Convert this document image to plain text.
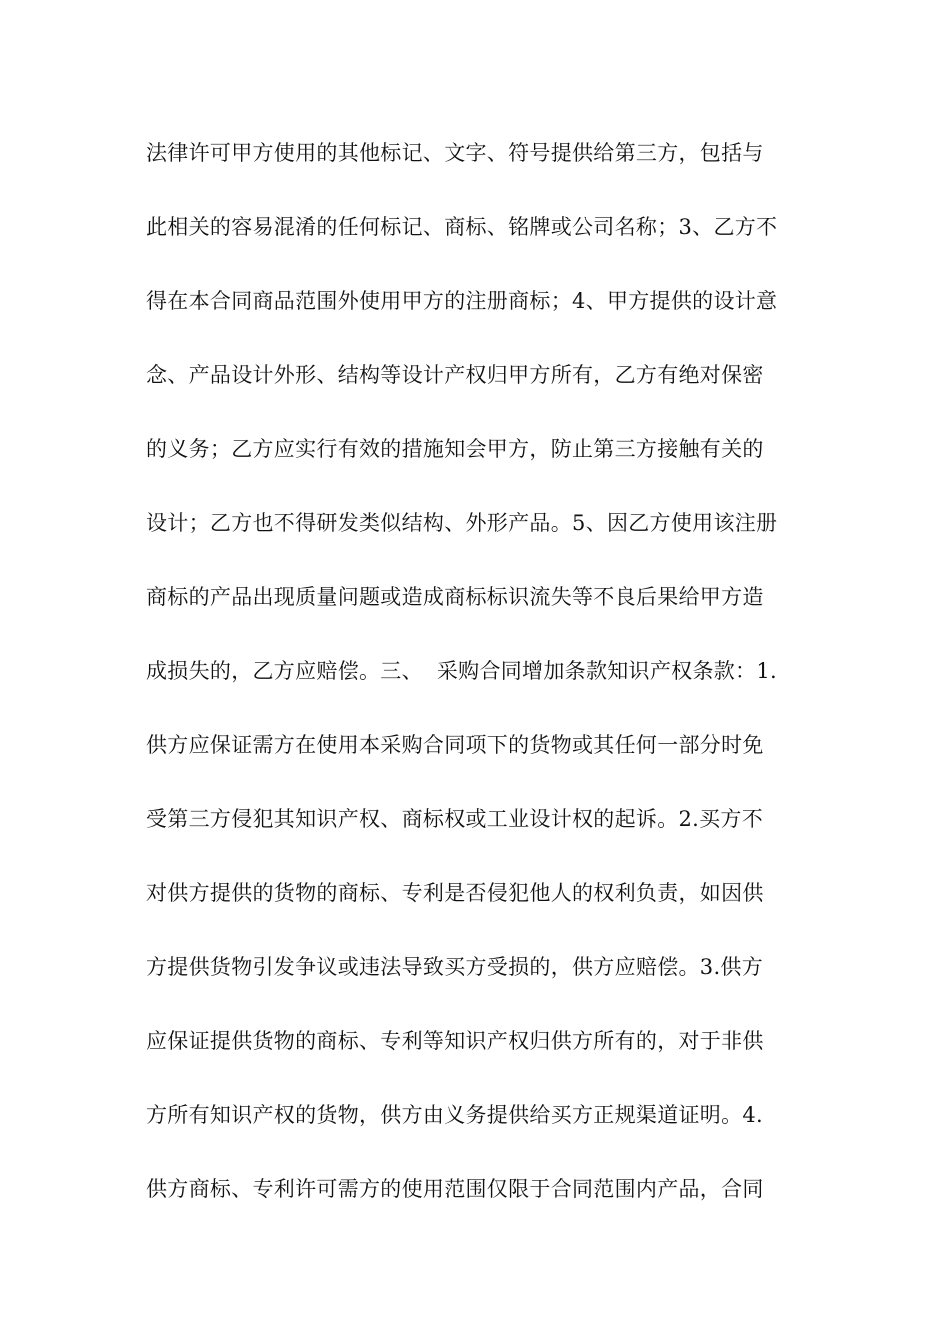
法律许可甲方使用的其他标记、文字、符号提供给第三方，包括与
此相关的容易混淆的任何标记、商标、铭牌或公司名称；3、乙方不
得在本合同商品范围外使用甲方的注册商标；4、甲方提供的设计意
念、产品设计外形、结构等设计产权归甲方所有，乙方有绝对保密
的义务；乙方应实行有效的措施知会甲方，防止第三方接触有关的
设计；乙方也不得研发类似结构、外形产品。5、因乙方使用该注册
商标的产品出现质量问题或造成商标标识流失等不良后果给甲方造
成损失的，乙方应赔偿。三、  采购合同增加条款知识产权条款：1.
供方应保证需方在使用本采购合同项下的货物或其任何一部分时免
受第三方侵犯其知识产权、商标权或工业设计权的起诉。2.买方不
对供方提供的货物的商标、专利是否侵犯他人的权利负责，如因供
方提供货物引发争议或违法导致买方受损的，供方应赔偿。3.供方
应保证提供货物的商标、专利等知识产权归供方所有的，对于非供
方所有知识产权的货物，供方由义务提供给买方正规渠道证明。4.
供方商标、专利许可需方的使用范围仅限于合同范围内产品，合同
